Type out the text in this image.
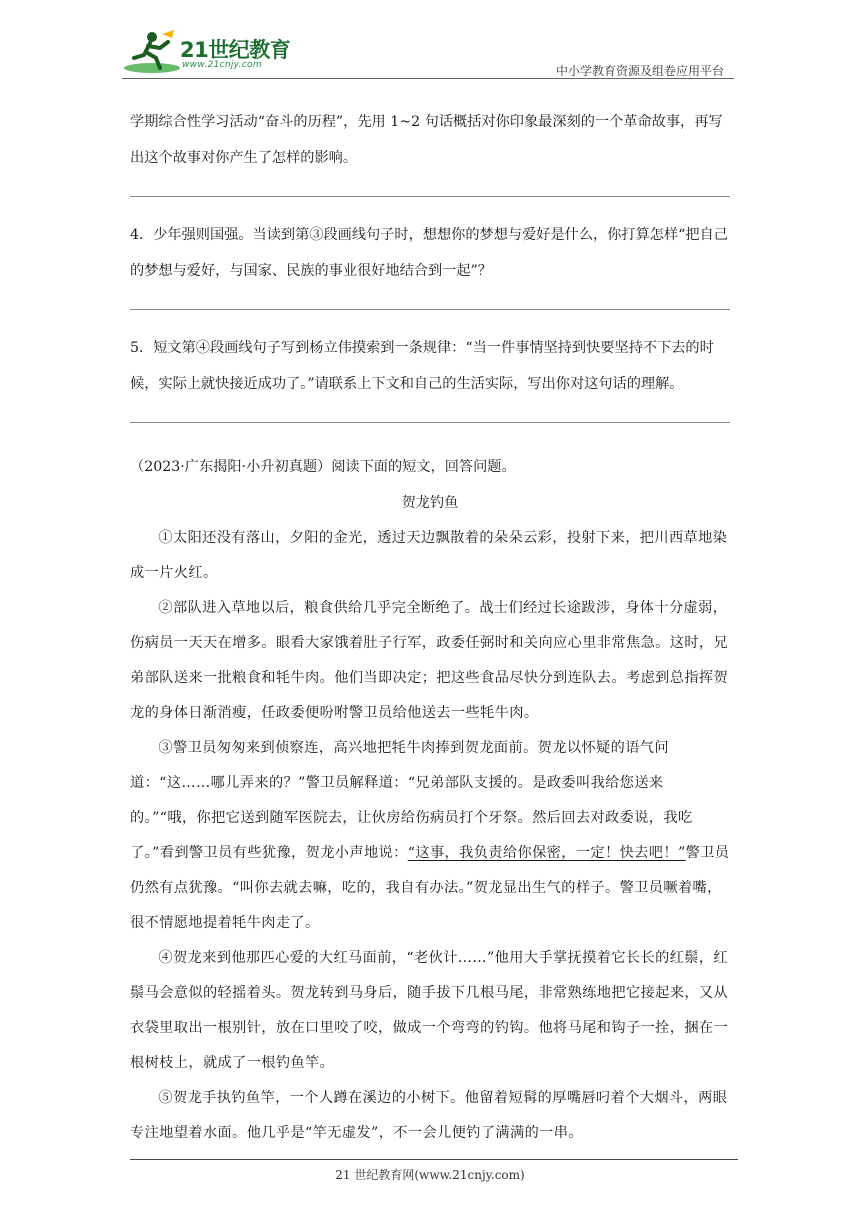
21世纪教育
www.21cnjy.com	中小学教育资源及组卷应用平台

学期综合性学习活动“奋斗的历程”，先用 1~2 句话概括对你印象最深刻的一个革命故事，再写出这个故事对你产生了怎样的影响。

4．少年强则国强。当读到第③段画线句子时，想想你的梦想与爱好是什么，你打算怎样“把自己的梦想与爱好，与国家、民族的事业很好地结合到一起”？

5．短文第④段画线句子写到杨立伟摸索到一条规律：“当一件事情坚持到快要坚持不下去的时候，实际上就快接近成功了。”请联系上下文和自己的生活实际，写出你对这句话的理解。

（2023·广东揭阳·小升初真题）阅读下面的短文，回答问题。

贺龙钓鱼

①太阳还没有落山，夕阳的金光，透过天边飘散着的朵朵云彩，投射下来，把川西草地染成一片火红。

②部队进入草地以后，粮食供给几乎完全断绝了。战士们经过长途跋涉，身体十分虚弱，伤病员一天天在增多。眼看大家饿着肚子行军，政委任弼时和关向应心里非常焦急。这时，兄弟部队送来一批粮食和牦牛肉。他们当即决定；把这些食品尽快分到连队去。考虑到总指挥贺龙的身体日渐消瘦，任政委便吩咐警卫员给他送去一些牦牛肉。

③警卫员匆匆来到侦察连，高兴地把牦牛肉捧到贺龙面前。贺龙以怀疑的语气问道：“这……哪儿弄来的？”警卫员解释道：“兄弟部队支援的。是政委叫我给您送来的。”“哦，你把它送到随军医院去，让伙房给伤病员打个牙祭。然后回去对政委说，我吃了。”看到警卫员有些犹豫，贺龙小声地说：“这事，我负责给你保密，一定！快去吧！”警卫员仍然有点犹豫。“叫你去就去嘛，吃的，我自有办法。”贺龙显出生气的样子。警卫员噘着嘴，很不情愿地提着牦牛肉走了。

④贺龙来到他那匹心爱的大红马面前，“老伙计……”他用大手掌抚摸着它长长的红鬃，红鬃马会意似的轻摇着头。贺龙转到马身后，随手拔下几根马尾，非常熟练地把它接起来，又从衣袋里取出一根别针，放在口里咬了咬，做成一个弯弯的钓钩。他将马尾和钩子一拴，捆在一根树枝上，就成了一根钓鱼竿。

⑤贺龙手执钓鱼竿，一个人蹲在溪边的小树下。他留着短髯的厚嘴唇叼着个大烟斗，两眼专注地望着水面。他几乎是“竿无虚发”，不一会儿便钓了满满的一串。

21 世纪教育网(www.21cnjy.com)
